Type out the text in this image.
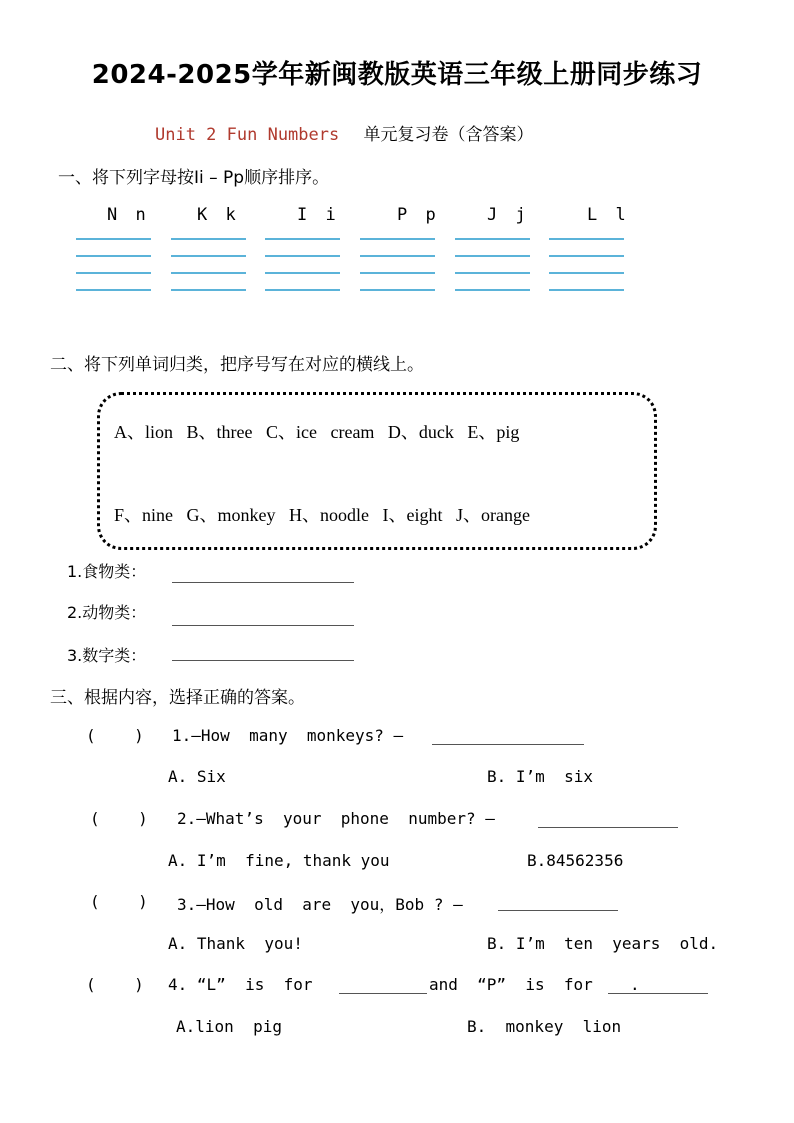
2024-2025学年新闽教版英语三年级上册同步练习
Unit 2 Fun Numbers 单元复习卷（含答案）
一、将下列字母按Ii – Pp顺序排序。
N n	K k	I i	P p	J j	L l
二、将下列单词归类，把序号写在对应的横线上。
A、lion   B、three   C、ice   cream   D、duck   E、pig
F、nine   G、monkey   H、noodle   I、eight   J、orange
1.食物类：
2.动物类：
3.数字类：
三、根据内容，选择正确的答案。
(    ) 1.—How  many  monkeys? —
A. Six	B. I’m  six
(    ) 2.—What’s  your  phone  number? —
A. I’m  fine, thank you	B.84562356
(    ) 3.—How  old  are  you，Bob ? —
A. Thank  you!	B. I’m  ten  years  old.
(    ) 4. “L”  is  for	and  “P”  is  for .
A.lion  pig	B.  monkey  lion
